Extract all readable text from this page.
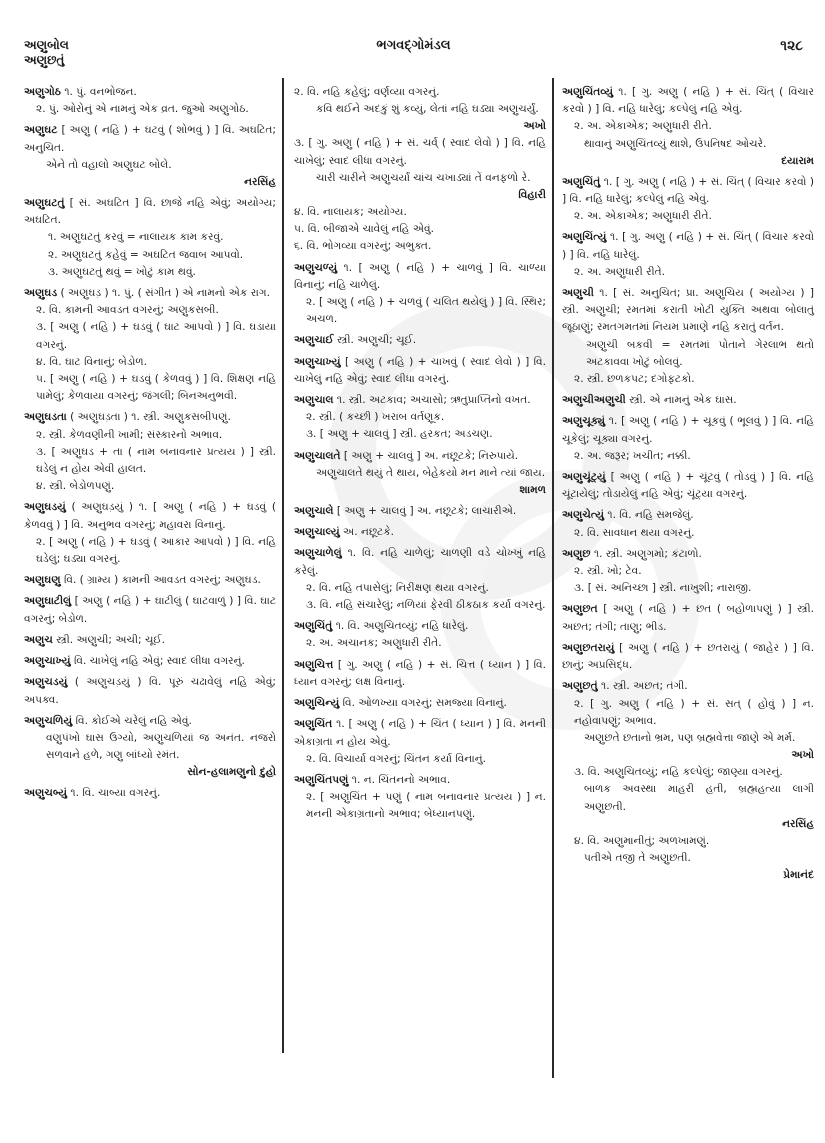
અણુબોલ
અણુછતું
ભગવદ્ગોમંડલ	૧૨૮
અણુગોઠ ૧. પું. વનભોજન.
૨. પું. ઓરોનું એ નામનું એક વ્રત. જુઓ અણુગોઠ.
અણુઘટ [ અણુ ( નહિ ) + ઘટવું ( શોભવું ) ] વિ. અઘટિત; અનુચિત.
એને તો વહાલો અણુઘટ બોલે.
નરસિંહ
અણુઘટતું [ સં. અઘટિત ] વિ. છાજે નહિ એવું; અયોગ્ય; અઘટિત.
૧. અણુઘટતું કરવું = નાલાયક કામ કરવું.
૨. અણુઘટતું કહેવું = અઘટિત જવાબ આપવો.
૩. અણુઘટતું થવું = ખોટું કામ થવું.
અણુઘડ ( અણુઘડ઼ ) ૧. પું. ( સંગીત ) એ નામનો એક રાગ.
૨. વિ. કામની આવડત વગરનું; અણુકસબી.
૩. [ અણુ ( નહિ ) + ઘડવું ( ઘાટ આપવો ) ] વિ. ઘડાયા વગરનું.
૪. વિ. ઘાટ વિનાનું; બેડોળ.
૫. [ અણુ ( નહિ ) + ઘડવું ( કેળવવું ) ] વિ. શિક્ષણ નહિ પામેલું; કેળવાયા વગરનું; જંગલી; બિનઅનુભવી.
અણુઘડતા ( અણુઘડ઼તા ) ૧. સ્ત્રી. અણુકસબીપણું.
૨. સ્ત્રી. કેળવણીની ખામી; સંસ્કારનો અભાવ.
૩. [ અણુઘડ + તા ( નામ બનાવનાર પ્રત્યય ) ] સ્ત્રી. ઘડેલું ન હોય એવી હાલત.
૪. સ્ત્રી. બેડોળપણું.
અણુઘડયું ( અણુઘડ઼યું ) ૧. [ અણુ ( નહિ ) + ઘડવું ( કેળવવું ) ] વિ. અનુભવ વગરનું; મહાવરા વિનાનું.
૨. [ અણુ ( નહિ ) + ઘડવું ( આકાર આપવો ) ] વિ. નહિ ઘડેલું; ઘડ્યા વગરનું.
અણુઘણુ વિ. ( ગ્રામ્ય ) કામની આવડત વગરનું; અણુઘડ.
અણુઘાટીલું [ અણુ ( નહિ ) + ઘાટીલું ( ઘાટવાળું ) ] વિ. ઘાટ વગરનું; બેડોળ.
અણુચ સ્ત્રી. અણુચી; અચી; ચૂઈ.
અણુચાખ્યું વિ. ચાખેલું નહિ એવું; સ્વાદ લીધા વગરનું.
અણુચડયું ( અણુચડ઼યું ) વિ. પૂરું ચઢાવેલું નહિ એવું; અપક્વ.
અણુચળિયું વિ. કોઈએ ચરેલું નહિ એવું.
વણુપંખો ઘાસ ઉગ્યો, અણુચળિયાં જ અનંત. નજરો સળવાને હળે, ગણુ બાંધ્યો રમંત.
સોન-હલામણુનો દુહો
અણુચબ્યું ૧. વિ. ચાબ્યા વગરનું.
૨. વિ. નહિ કહેલું; વર્ણવ્યા વગરનું.
કવિ થઈને અદકું શું કવ્યું, લેતાં નહિ ઘડ્યા અણુચર્યું.
અખો
૩. [ ગુ. અણુ ( નહિ ) + સં. ચર્વ્ ( સ્વાદ લેવો ) ] વિ. નહિ ચાખેલું; સ્વાદ લીધા વગરનું.
ચારી ચારીને અણુચર્યાં ચાંચ ચખાડ્યાં તેં વનફળો રે.
વિહારી
૪. વિ. નાલાયક; અયોગ્ય.
૫. વિ. બીજાએ ચાવેલું નહિ એવું.
૬. વિ. ભોગવ્યા વગરનું; અભુક્ત.
અણુચળ્યું ૧. [ અણુ ( નહિ ) + ચાળવું ] વિ. ચાળ્યા વિનાનું; નહિ ચાળેલું.
૨. [ અણુ ( નહિ ) + ચળવું ( ચલિત થયેલું ) ] વિ. સ્થિર; અચળ.
અણુચાઈ સ્ત્રી. અણુચી; ચૂઈ.
અણુચાખ્યું [ અણુ ( નહિ ) + ચાખવું ( સ્વાદ લેવો ) ] વિ. ચાખેલું નહિ એવું; સ્વાદ લીધા વગરનું.
અણુચાલ ૧. સ્ત્રી. અટકાવ; અચાસો; ઋતુપ્રાપ્તિનો વખત.
૨. સ્ત્રી. ( કચ્છી ) ખરાબ વર્તણૂક.
૩. [ અણુ + ચાલવું ] સ્ત્રી. હરકત; અડચણ.
અણુચાલતે [ અણુ + ચાલવું ] અ. નછૂટકે; નિરુપાયે.
અણુચાલતે થયું તે થાય, બેહેકયો મન માને ત્યાં જાય.
શામળ
અણુચાલે [ અણુ + ચાલવું ] અ. નછૂટકે; લાચારીએ.
અણુચાલ્યું અ. નછૂટકે.
અણુચાળેલું ૧. વિ. નહિ ચાળેલું; ચાળણી વડે ચોખ્ખું નહિ કરેલું.
૨. વિ. નહિ તપાસેલું; નિરીક્ષણ થયા વગરનું.
૩. વિ. નહિ સંચારેલું; નળિયાં ફેરવી ઠીકઠાક કર્યા વગરનું.
અણુચિંતું ૧. વિ. અણુચિતવ્યું; નહિ ધારેલું.
૨. અ. અચાનક; અણુધારી રીતે.
અણુચિત્ત [ ગુ. અણુ ( નહિ ) + સં. ચિત્ત ( ધ્યાન ) ] વિ. ધ્યાન વગરનું; લક્ષ વિનાનું.
અણુચિન્યું વિ. ઓળખ્યા વગરનું; સમજ્યા વિનાનું.
અણુચિંત ૧. [ અણુ ( નહિ ) + ચિંત ( ધ્યાન ) ] વિ. મનની એકાગ્રતા ન હોય એવું.
૨. વિ. વિચાર્યા વગરનું; ચિંતન કર્યા વિનાનું.
અણુચિંતપણું ૧. ન. ચિંતનનો અભાવ.
૨. [ અણુચિંત + પણું ( નામ બનાવનાર પ્રત્યય ) ] ન. મનની એકાગ્રતાનો અભાવ; બેધ્યાનપણું.
અણુચિંતવ્યું ૧. [ ગુ. અણુ ( નહિ ) + સં. ચિંત્ ( વિચાર કરવો ) ] વિ. નહિ ધારેલું; કલ્પેલું નહિ એવું.
૨. અ. એકાએક; અણુધારી રીતે.
થાવાનું અણુચિંતવ્યું થાશે, ઉપનિષદ ઓચરે.
દયારામ
અણુચિંતું ૧. [ ગુ. અણુ ( નહિ ) + સં. ચિંત્ ( વિચાર કરવો ) ] વિ. નહિ ધારેલું; કલ્પેલું નહિ એવું.
૨. અ. એકાએક; અણુધારી રીતે.
અણુચિંત્યું ૧. [ ગુ. અણુ ( નહિ ) + સં. ચિંત્ ( વિચાર કરવો ) ] વિ. નહિ ધારેલું.
૨. અ. અણુધારી રીતે.
અણુચી ૧. [ સં. અનુચિત; પ્રા. અણુચિય ( અયોગ્ય ) ] સ્ત્રી. અણુચી; રમતમાં કરાતી ખોટી યુક્તિ અથવા બોલાતું જૂઠાણું; રમતગમતમાં નિયમ પ્રમાણે નહિ કરાતું વર્તન.
અણુચી બકવી = રમતમાં પોતાને ગેરલાભ થતો અટકાવવા ખોટું બોલવું.
૨. સ્ત્રી. છળકપટ; દગોફટકો.
અણુચીઅણુચી સ્ત્રી. એ નામનું એક ઘાસ.
અણુચૂક્યું ૧. [ અણુ ( નહિ ) + ચૂકવું ( ભૂલવું ) ] વિ. નહિ ચૂકેલું; ચૂક્યા વગરનું.
૨. અ. જરૂર; ખચીત; નક્કી.
અણુચૂંટ્યું [ અણુ ( નહિ ) + ચૂંટવું ( તોડવું ) ] વિ. નહિ ચૂંટાયેલું; તોડાયેલું નહિ એવું; ચૂંટ્યા વગરનું.
અણુચેત્યું ૧. વિ. નહિ સમજેલું.
૨. વિ. સાવધાન થયા વગરનું.
અણુછ ૧. સ્ત્રી. અણુગમો; કંટાળો.
૨. સ્ત્રી. ખો; ટેવ.
૩. [ સં. અનિચ્છા ] સ્ત્રી. નાખુશી; નારાજી.
અણુછત [ અણુ ( નહિ ) + છત ( બહોળાપણું ) ] સ્ત્રી. અછત; તંગી; તાણુ; ભીડ.
અણુછતરાયું [ અણુ ( નહિ ) + છતરાયું ( જાહેર ) ] વિ. છાનું; અપ્રસિદ્ધ.
અણુછતું ૧. સ્ત્રી. અછત; તંગી.
૨. [ ગુ. અણુ ( નહિ ) + સં. સત્ ( હોવું ) ] ન. નહોવાપણું; અભાવ.
અણુછતે છતાનો ભ્રમ, પણ બ્રહ્મવેત્તા જાણે એ મર્મ.
અખો
૩. વિ. અણુચિતવ્યું; નહિ કલ્પેલું; જાણ્યા વગરનું.
બાળક અવસ્થા માહરી હતી, બ્રહ્મહત્યા લાગી અણુછતી.
નરસિંહ
૪. વિ. અણુમાનીતું; અળખામણું.
પતીએ તજી તે અણુછતી.
પ્રેમાનંદ
